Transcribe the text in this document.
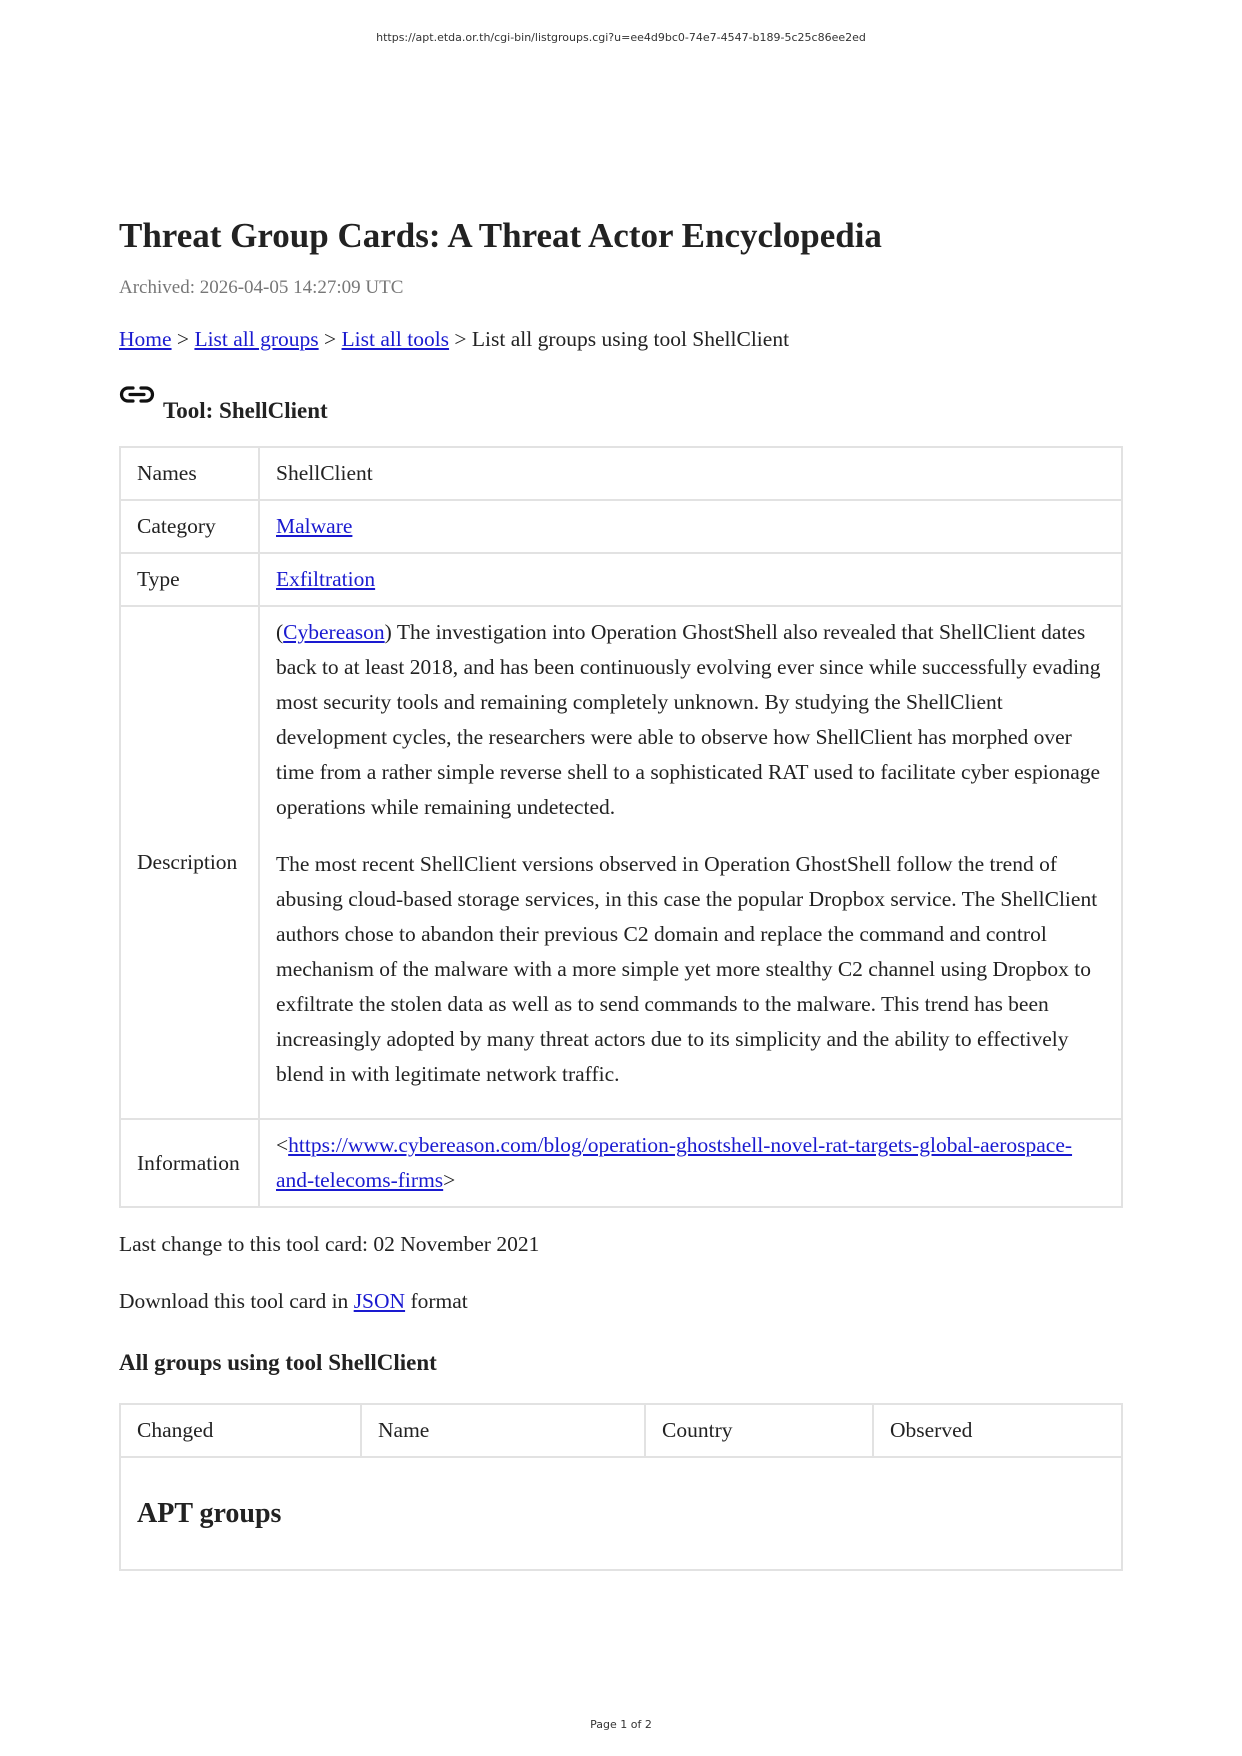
https://apt.etda.or.th/cgi-bin/listgroups.cgi?u=ee4d9bc0-74e7-4547-b189-5c25c86ee2ed
Threat Group Cards: A Threat Actor Encyclopedia
Archived: 2026-04-05 14:27:09 UTC
Home > List all groups > List all tools > List all groups using tool ShellClient
Tool: ShellClient
Names	ShellClient
Category	Malware
Type	Exfiltration
Description	(Cybereason) The investigation into Operation GhostShell also revealed that ShellClient dates back to at least 2018, and has been continuously evolving ever since while successfully evading most security tools and remaining completely unknown. By studying the ShellClient development cycles, the researchers were able to observe how ShellClient has morphed over time from a rather simple reverse shell to a sophisticated RAT used to facilitate cyber espionage operations while remaining undetected.

The most recent ShellClient versions observed in Operation GhostShell follow the trend of abusing cloud-based storage services, in this case the popular Dropbox service. The ShellClient authors chose to abandon their previous C2 domain and replace the command and control mechanism of the malware with a more simple yet more stealthy C2 channel using Dropbox to exfiltrate the stolen data as well as to send commands to the malware. This trend has been increasingly adopted by many threat actors due to its simplicity and the ability to effectively blend in with legitimate network traffic.

Information	<https://www.cybereason.com/blog/operation-ghostshell-novel-rat-targets-global-aerospace-and-telecoms-firms>
Last change to this tool card: 02 November 2021
Download this tool card in JSON format
All groups using tool ShellClient
Changed	Name	Country	Observed

APT groups
Page 1 of 2
